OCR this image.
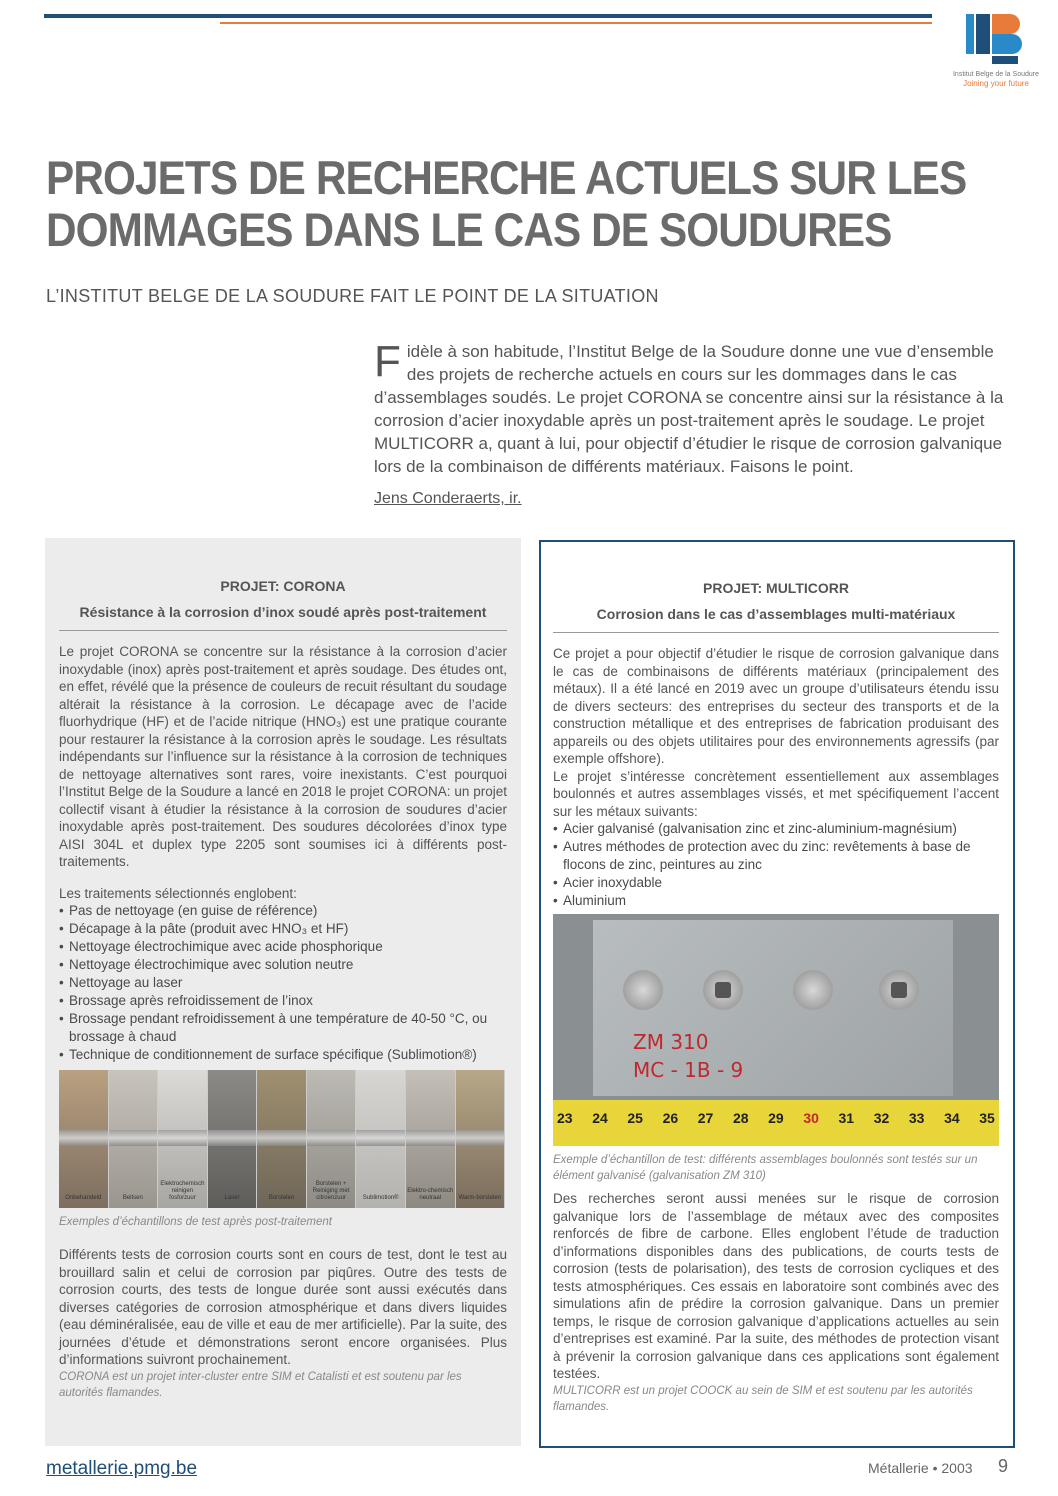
Institut Belge de la Soudure
Joining your future
PROJETS DE RECHERCHE ACTUELS SUR LES
DOMMAGES DANS LE CAS DE SOUDURES
L’INSTITUT BELGE DE LA SOUDURE FAIT LE POINT DE LA SITUATION
Fidèle à son habitude, l’Institut Belge de la Soudure donne une vue d’ensemble des projets de recherche actuels en cours sur les dommages dans le cas d’assemblages soudés. Le projet CORONA se concentre ainsi sur la résistance à la corrosion d’acier inoxydable après un post-traitement après le soudage. Le projet MULTICORR a, quant à lui, pour objectif d’étudier le risque de corrosion galvanique lors de la combinaison de différents matériaux. Faisons le point.
Jens Conderaerts, ir.
PROJET: CORONA
Résistance à la corrosion d’inox soudé après post-traitement
Le projet CORONA se concentre sur la résistance à la corrosion d’acier inoxydable (inox) après post-traitement et après soudage. Des études ont, en effet, révélé que la présence de couleurs de recuit résultant du soudage altérait la résistance à la corrosion. Le décapage avec de l’acide fluorhydrique (HF) et de l’acide nitrique (HNO₃) est une pratique courante pour restaurer la résistance à la corrosion après le soudage. Les résultats indépendants sur l’influence sur la résistance à la corrosion de techniques de nettoyage alternatives sont rares, voire inexistants. C’est pourquoi l’Institut Belge de la Soudure a lancé en 2018 le projet CORONA: un projet collectif visant à étudier la résistance à la corrosion de soudures d’acier inoxydable après post-traitement. Des soudures décolorées d’inox type AISI 304L et duplex type 2205 sont soumises ici à différents post-traitements.
Les traitements sélectionnés englobent:
• Pas de nettoyage (en guise de référence)
• Décapage à la pâte (produit avec HNO₃ et HF)
• Nettoyage électrochimique avec acide phosphorique
• Nettoyage électrochimique avec solution neutre
• Nettoyage au laser
• Brossage après refroidissement de l’inox
• Brossage pendant refroidissement à une température de 40-50 °C, ou brossage à chaud
• Technique de conditionnement de surface spécifique (Sublimotion®)
Onbehandeld	Beitsen
Elektrochemisch reinigen fosforzuur	Laser	Borstelen
Borstelen + Reiniging met citroenzuur	Sublimotion®
Elektro-chemisch neutraal	Warm-borstelen
Exemples d’échantillons de test après post-traitement
Différents tests de corrosion courts sont en cours de test, dont le test au brouillard salin et celui de corrosion par piqûres. Outre des tests de corrosion courts, des tests de longue durée sont aussi exécutés dans diverses catégories de corrosion atmosphérique et dans divers liquides (eau déminéralisée, eau de ville et eau de mer artificielle). Par la suite, des journées d’étude et démonstrations seront encore organisées. Plus d’informations suivront prochainement.
CORONA est un projet inter-cluster entre SIM et Catalisti et est soutenu par les autorités flamandes.
PROJET: MULTICORR
Corrosion dans le cas d’assemblages multi-matériaux
Ce projet a pour objectif d’étudier le risque de corrosion galvanique dans le cas de combinaisons de différents matériaux (principalement des métaux). Il a été lancé en 2019 avec un groupe d’utilisateurs étendu issu de divers secteurs: des entreprises du secteur des transports et de la construction métallique et des entreprises de fabrication produisant des appareils ou des objets utilitaires pour des environnements agressifs (par exemple offshore).
Le projet s’intéresse concrètement essentiellement aux assemblages boulonnés et autres assemblages vissés, et met spécifiquement l’accent sur les métaux suivants:
• Acier galvanisé (galvanisation zinc et zinc-aluminium-magnésium)
• Autres méthodes de protection avec du zinc: revêtements à base de flocons de zinc, peintures au zinc
• Acier inoxydable
• Aluminium
ZM 310
MC - 1B - 9
23 24 25 26 27 28 29 30 31 32 33 34 35
Exemple d’échantillon de test: différents assemblages boulonnés sont testés sur un élément galvanisé (galvanisation ZM 310)
Des recherches seront aussi menées sur le risque de corrosion galvanique lors de l’assemblage de métaux avec des composites renforcés de fibre de carbone. Elles englobent l’étude de traduction d’informations disponibles dans des publications, de courts tests de corrosion (tests de polarisation), des tests de corrosion cycliques et des tests atmosphériques. Ces essais en laboratoire sont combinés avec des simulations afin de prédire la corrosion galvanique. Dans un premier temps, le risque de corrosion galvanique d’applications actuelles au sein d’entreprises est examiné. Par la suite, des méthodes de protection visant à prévenir la corrosion galvanique dans ces applications sont également testées.
MULTICORR est un projet COOCK au sein de SIM et est soutenu par les autorités flamandes.
metallerie.pmg.be	Métallerie • 2003 9
